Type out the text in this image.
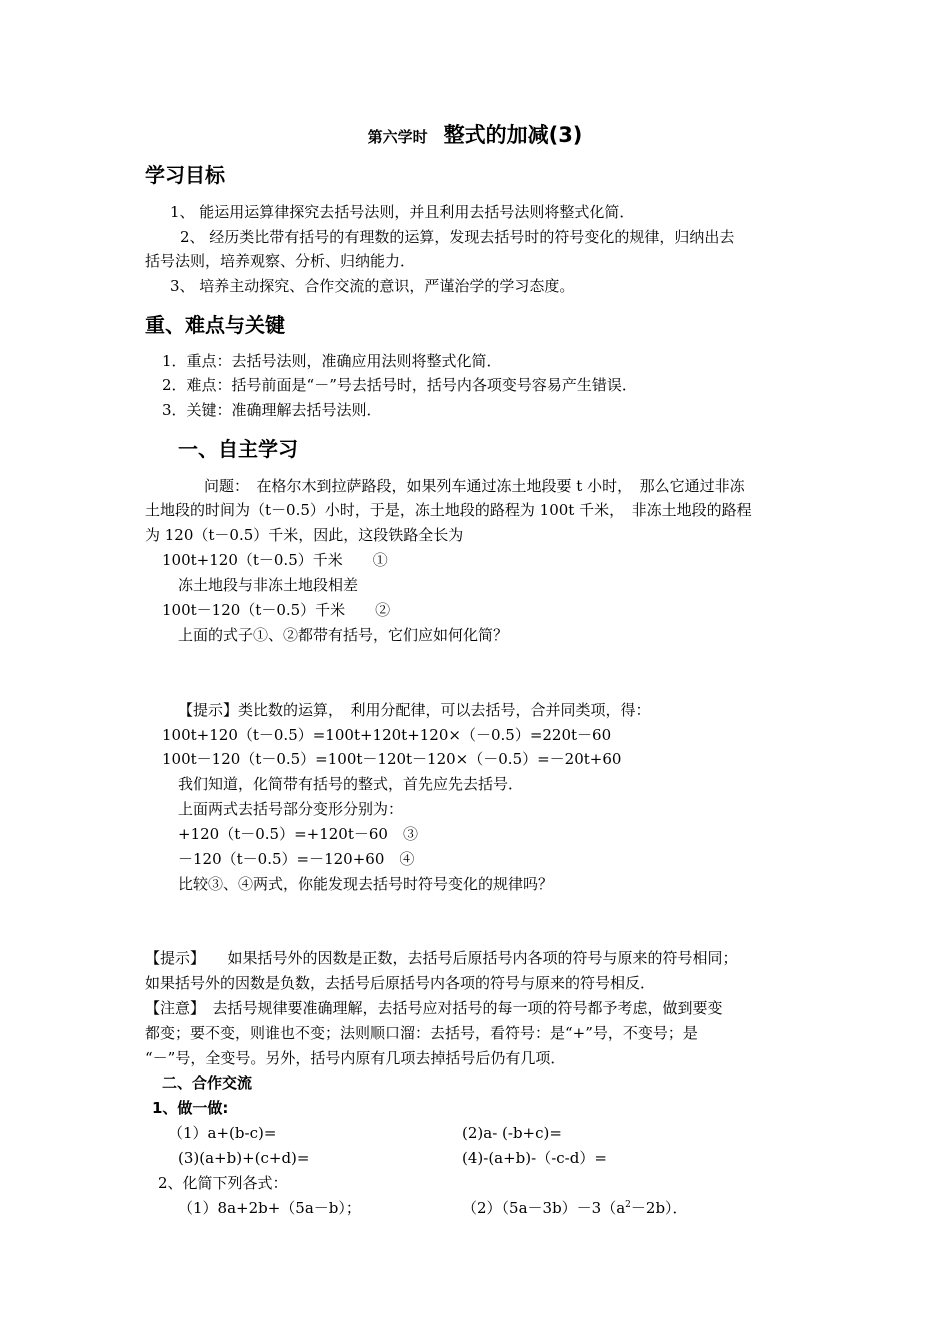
第六学时 整式的加减(3)
学习目标
1、 能运用运算律探究去括号法则，并且利用去括号法则将整式化简．
2、 经历类比带有括号的有理数的运算，发现去括号时的符号变化的规律，归纳出去
括号法则，培养观察、分析、归纳能力．
3、 培养主动探究、合作交流的意识，严谨治学的学习态度。
重、难点与关键
1．重点：去括号法则，准确应用法则将整式化简．
2．难点：括号前面是“－”号去括号时，括号内各项变号容易产生错误．
3．关键：准确理解去括号法则．
一、自主学习
问题：　在格尔木到拉萨路段，如果列车通过冻土地段要 t 小时，　那么它通过非冻
土地段的时间为（t－0.5）小时，于是，冻土地段的路程为 100t 千米，　非冻土地段的路程
为 120（t－0.5）千米，因此，这段铁路全长为
100t+120（t－0.5）千米　　①
冻土地段与非冻土地段相差
100t－120（t－0.5）千米　　②
上面的式子①、②都带有括号，它们应如何化简？
【提示】类比数的运算，　利用分配律，可以去括号，合并同类项，得：
100t+120（t－0.5）=100t+120t+120×（－0.5）=220t－60
100t－120（t－0.5）=100t－120t－120×（－0.5）=－20t+60
我们知道，化简带有括号的整式，首先应先去括号．
上面两式去括号部分变形分别为：
+120（t－0.5）=+120t－60　③
－120（t－0.5）=－120+60　④
比较③、④两式，你能发现去括号时符号变化的规律吗？
【提示】　　如果括号外的因数是正数，去括号后原括号内各项的符号与原来的符号相同；
如果括号外的因数是负数，去括号后原括号内各项的符号与原来的符号相反．
【注意】　去括号规律要准确理解，去括号应对括号的每一项的符号都予考虑，做到要变
都变；要不变，则谁也不变；法则顺口溜：去括号，看符号：是“+”号，不变号；是
“－”号，全变号。另外，括号内原有几项去掉括号后仍有几项．
二、合作交流
1、做一做:
（1）a+(b-c)=	(2)a- (-b+c)=
(3)(a+b)+(c+d)=	(4)-(a+b)-（-c-d）=
2、化简下列各式：
（1）8a+2b+（5a－b）；	$(2)(5a-3b)-3(a^2-2b)$．
